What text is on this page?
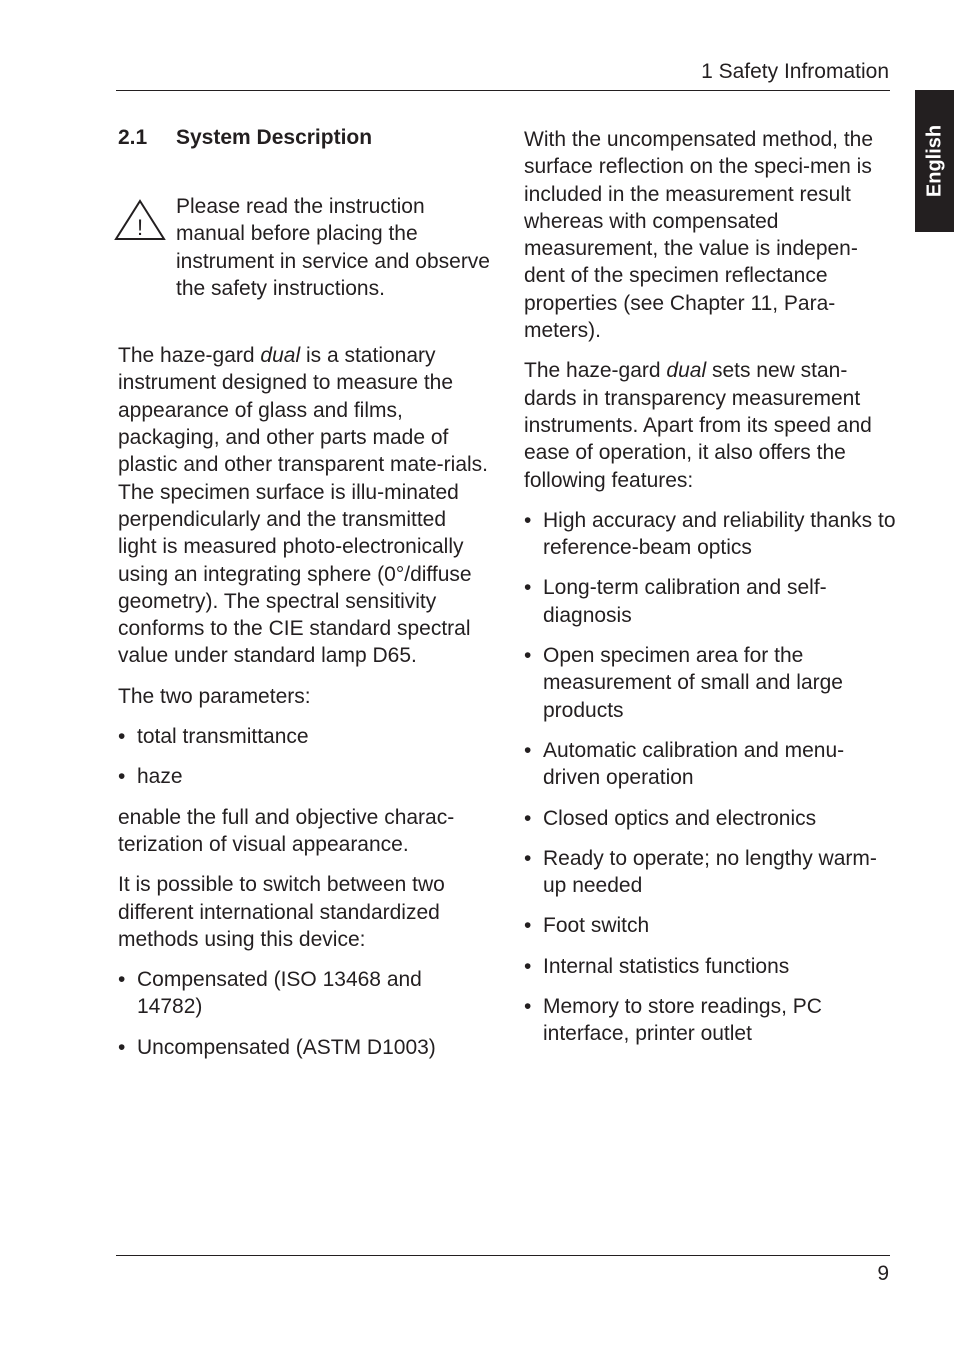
1 Safety Infromation
English
2.1	System Description
!
Please read the instruction manual before placing the instrument in service and observe the safety instructions.

The haze-gard dual is a stationary instrument designed to measure the appearance of glass and films, packaging, and other parts made of plastic and other transparent mate-rials. The specimen surface is illu-minated perpendicularly and the transmitted light is measured photo-electronically using an integrating sphere (0°/diffuse geometry). The spectral sensitivity conforms to the CIE standard spectral value under standard lamp D65.

The two parameters:

• total transmittance
• haze

enable the full and objective charac-terization of visual appearance.

It is possible to switch between two different international standardized methods using this device:

• Compensated (ISO 13468 and 14782)
• Uncompensated (ASTM D1003)

With the uncompensated method, the surface reflection on the speci-men is included in the measurement result whereas with compensated measurement, the value is indepen-dent of the specimen reflectance properties (see Chapter 11, Para-meters).

The haze-gard dual sets new stan-dards in transparency measurement instruments. Apart from its speed and ease of operation, it also offers the following features:

• High accuracy and reliability thanks to reference-beam optics
• Long-term calibration and self-diagnosis
• Open specimen area for the measurement of small and large products
• Automatic calibration and menu-driven operation
• Closed optics and electronics
• Ready to operate; no lengthy warm-up needed
• Foot switch
• Internal statistics functions
• Memory to store readings, PC interface, printer outlet
9
